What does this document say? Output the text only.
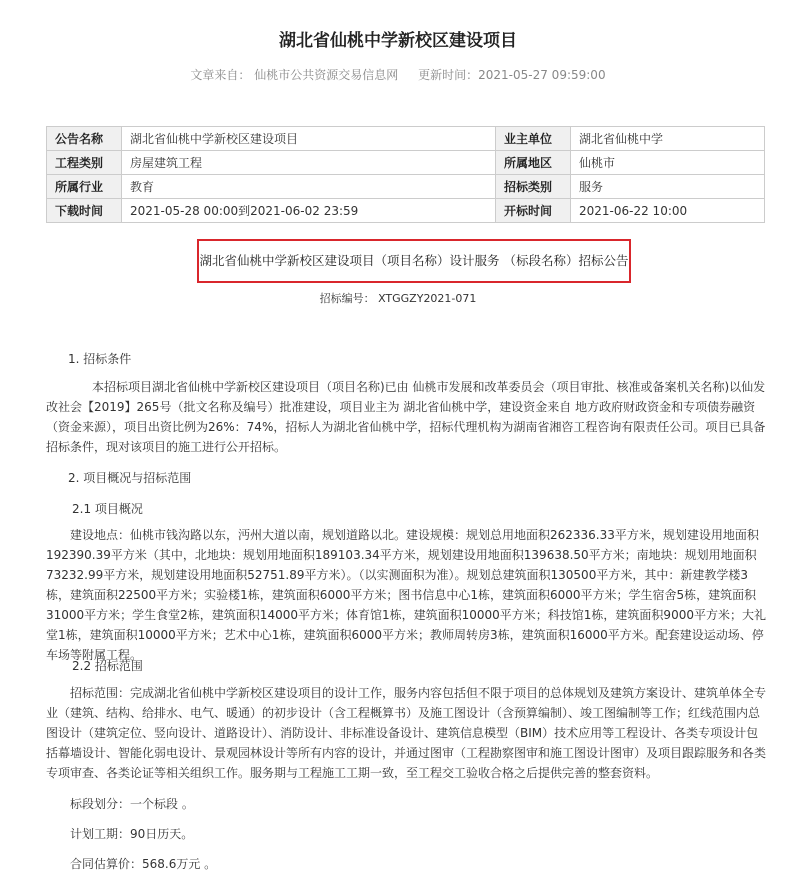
湖北省仙桃中学新校区建设项目
文章来自： 仙桃市公共资源交易信息网 更新时间：2021-05-27 09:59:00
公告名称	湖北省仙桃中学新校区建设项目	业主单位	湖北省仙桃中学
工程类别	房屋建筑工程	所属地区	仙桃市
所属行业	教育	招标类别	服务
下载时间	2021-05-28 00:00到2021-06-02 23:59	开标时间	2021-06-22 10:00
湖北省仙桃中学新校区建设项目（项目名称）设计服务 （标段名称）招标公告
招标编号： XTGGZY2021-071
1. 招标条件
本招标项目湖北省仙桃中学新校区建设项目（项目名称)已由 仙桃市发展和改革委员会（项目审批、核准或备案机关名称)以仙发改社会【2019】265号（批文名称及编号）批准建设，项目业主为 湖北省仙桃中学，建设资金来自 地方政府财政资金和专项债券融资（资金来源），项目出资比例为26%：74%，招标人为湖北省仙桃中学，招标代理机构为湖南省湘咨工程咨询有限责任公司。项目已具备招标条件，现对该项目的施工进行公开招标。
2. 项目概况与招标范围
2.1 项目概况
建设地点：仙桃市钱沟路以东，沔州大道以南，规划道路以北。建设规模：规划总用地面积262336.33平方米，规划建设用地面积192390.39平方米（其中，北地块：规划用地面积189103.34平方米，规划建设用地面积139638.50平方米；南地块：规划用地面积73232.99平方米，规划建设用地面积52751.89平方米）。（以实测面积为准）。规划总建筑面积130500平方米，其中：新建教学楼3栋，建筑面积22500平方米；实验楼1栋，建筑面积6000平方米；图书信息中心1栋，建筑面积6000平方米；学生宿舍5栋，建筑面积31000平方米；学生食堂2栋，建筑面积14000平方米；体育馆1栋，建筑面积10000平方米；科技馆1栋，建筑面积9000平方米；大礼堂1栋，建筑面积10000平方米；艺术中心1栋，建筑面积6000平方米；教师周转房3栋，建筑面积16000平方米。配套建设运动场、停车场等附属工程。
2.2 招标范围
招标范围：完成湖北省仙桃中学新校区建设项目的设计工作，服务内容包括但不限于项目的总体规划及建筑方案设计、建筑单体全专业（建筑、结构、给排水、电气、暖通）的初步设计（含工程概算书）及施工图设计（含预算编制）、竣工图编制等工作；红线范围内总图设计（建筑定位、竖向设计、道路设计）、消防设计、非标准设备设计、建筑信息模型（BIM）技术应用等工程设计、各类专项设计包括幕墙设计、智能化弱电设计、景观园林设计等所有内容的设计，并通过图审（工程勘察图审和施工图设计图审）及项目跟踪服务和各类专项审查、各类论证等相关组织工作。服务期与工程施工工期一致，至工程交工验收合格之后提供完善的整套资料。
标段划分：一个标段 。
计划工期：90日历天。
合同估算价：568.6万元 。
